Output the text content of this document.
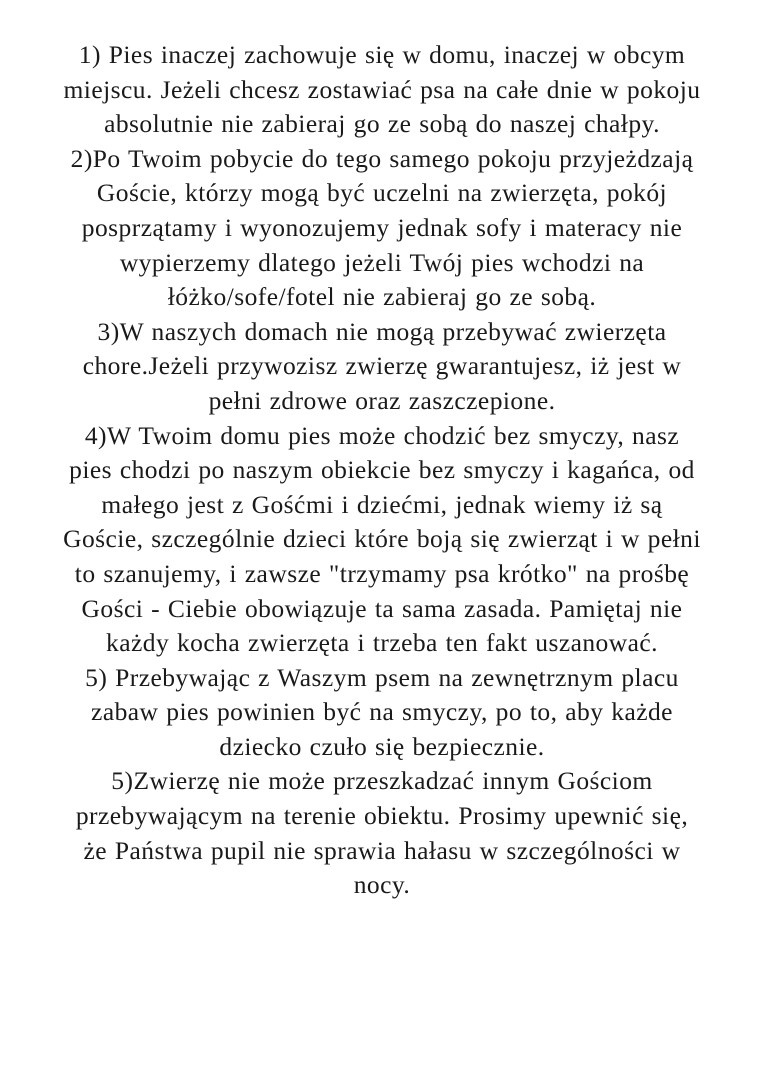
1) Pies inaczej zachowuje się w domu, inaczej w obcym
miejscu. Jeżeli chcesz zostawiać psa na całe dnie w pokoju
absolutnie nie zabieraj go ze sobą do naszej chałpy.
2)Po Twoim pobycie do tego samego pokoju przyjeżdzają
Goście, którzy mogą być uczelni na zwierzęta, pokój
posprzątamy i wyonozujemy jednak sofy i materacy nie
wypierzemy dlatego jeżeli Twój pies wchodzi na
łóżko/sofe/fotel nie zabieraj go ze sobą.
3)W naszych domach nie mogą przebywać zwierzęta
chore.Jeżeli przywozisz zwierzę gwarantujesz, iż jest w
pełni zdrowe oraz zaszczepione.
4)W Twoim domu pies może chodzić bez smyczy, nasz
pies chodzi po naszym obiekcie bez smyczy i kagańca, od
małego jest z Gośćmi i dziećmi, jednak wiemy iż są
Goście, szczególnie dzieci które boją się zwierząt i w pełni
to szanujemy, i zawsze "trzymamy psa krótko" na prośbę
Gości - Ciebie obowiązuje ta sama zasada. Pamiętaj nie
każdy kocha zwierzęta i trzeba ten fakt uszanować.
5) Przebywając z Waszym psem na zewnętrznym placu
zabaw pies powinien być na smyczy, po to, aby każde
dziecko czuło się bezpiecznie.
5)Zwierzę nie może przeszkadzać innym Gościom
przebywającym na terenie obiektu. Prosimy upewnić się,
że Państwa pupil nie sprawia hałasu w szczególności w
nocy.
